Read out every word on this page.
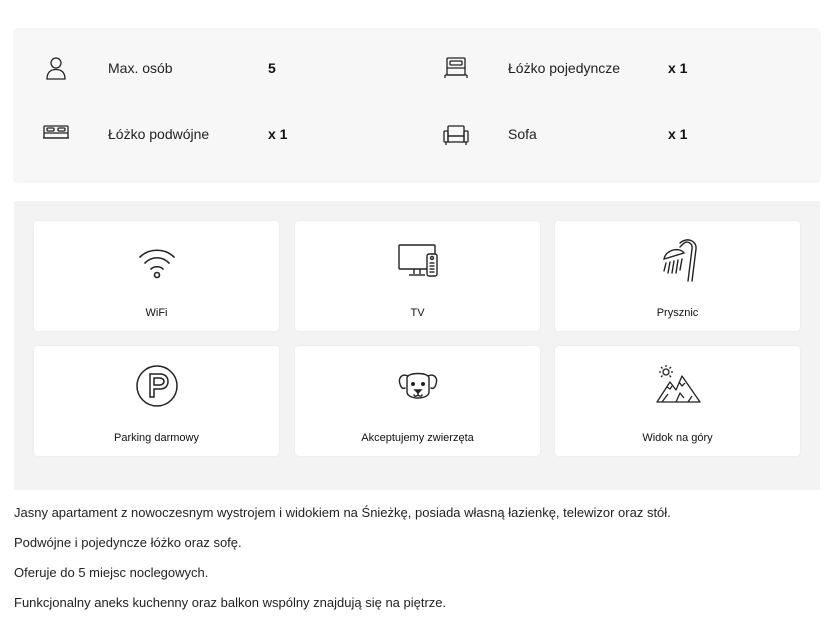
Max. osób	5	Łóżko pojedyncze	x 1
Łóżko podwójne	x 1	Sofa	x 1
WiFi	TV	Prysznic
Parking darmowy	Akceptujemy zwierzęta	Widok na góry

Jasny apartament z nowoczesnym wystrojem i widokiem na Śnieżkę, posiada własną łazienkę, telewizor oraz stół.

Podwójne i pojedyncze łóżko oraz sofę.

Oferuje do 5 miejsc noclegowych.

Funkcjonalny aneks kuchenny oraz balkon wspólny znajdują się na piętrze.
